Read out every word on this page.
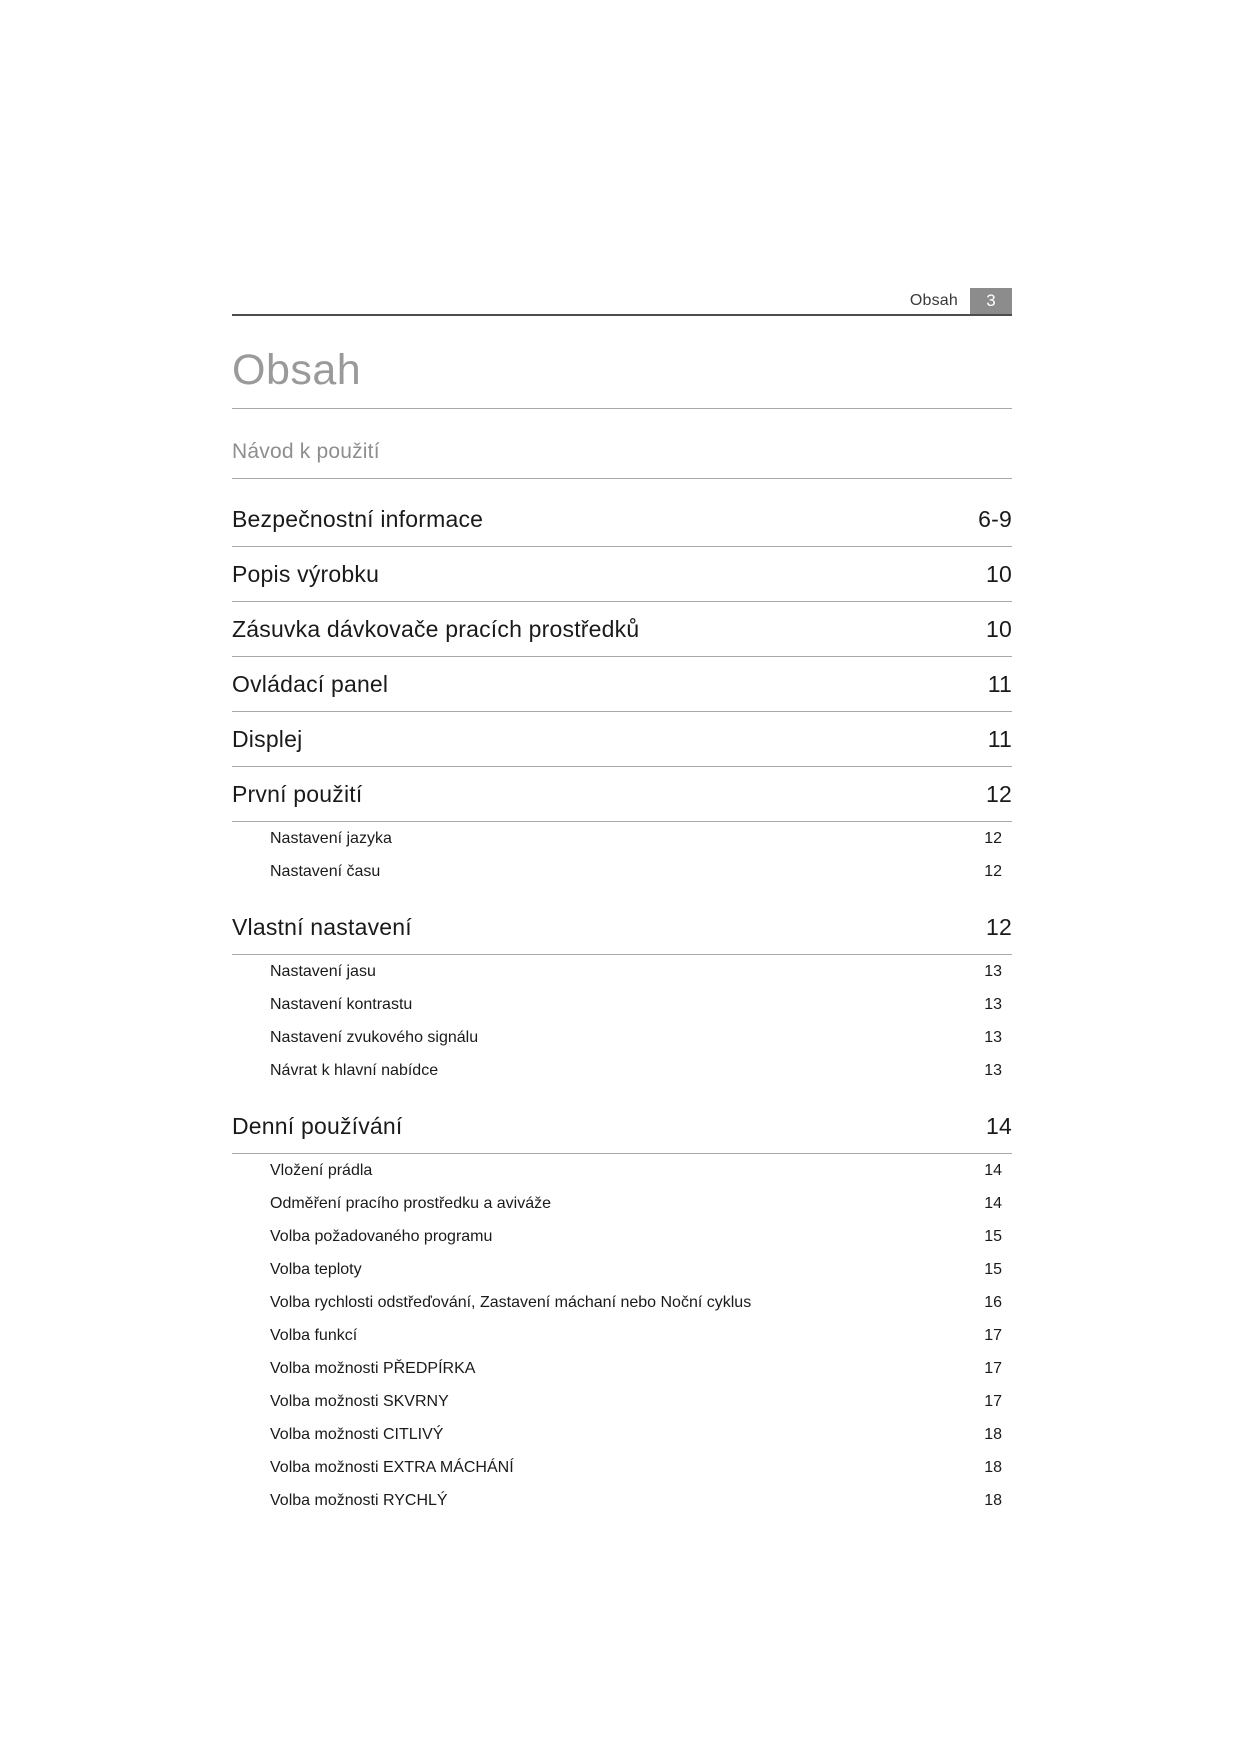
Obsah	3
Obsah
Návod k použití
Bezpečnostní informace	6-9
Popis výrobku	10
Zásuvka dávkovače pracích prostředků	10
Ovládací panel	11
Displej	11
První použití	12
Nastavení jazyka	12
Nastavení času	12
Vlastní nastavení	12
Nastavení jasu	13
Nastavení kontrastu	13
Nastavení zvukového signálu	13
Návrat k hlavní nabídce	13
Denní používání	14
Vložení prádla	14
Odměření pracího prostředku a aviváže	14
Volba požadovaného programu	15
Volba teploty	15
Volba rychlosti odstřeďování, Zastavení máchaní nebo Noční cyklus	16
Volba funkcí	17
Volba možnosti PŘEDPÍRKA	17
Volba možnosti SKVRNY	17
Volba možnosti CITLIVÝ	18
Volba možnosti EXTRA MÁCHÁNÍ	18
Volba možnosti RYCHLÝ	18
